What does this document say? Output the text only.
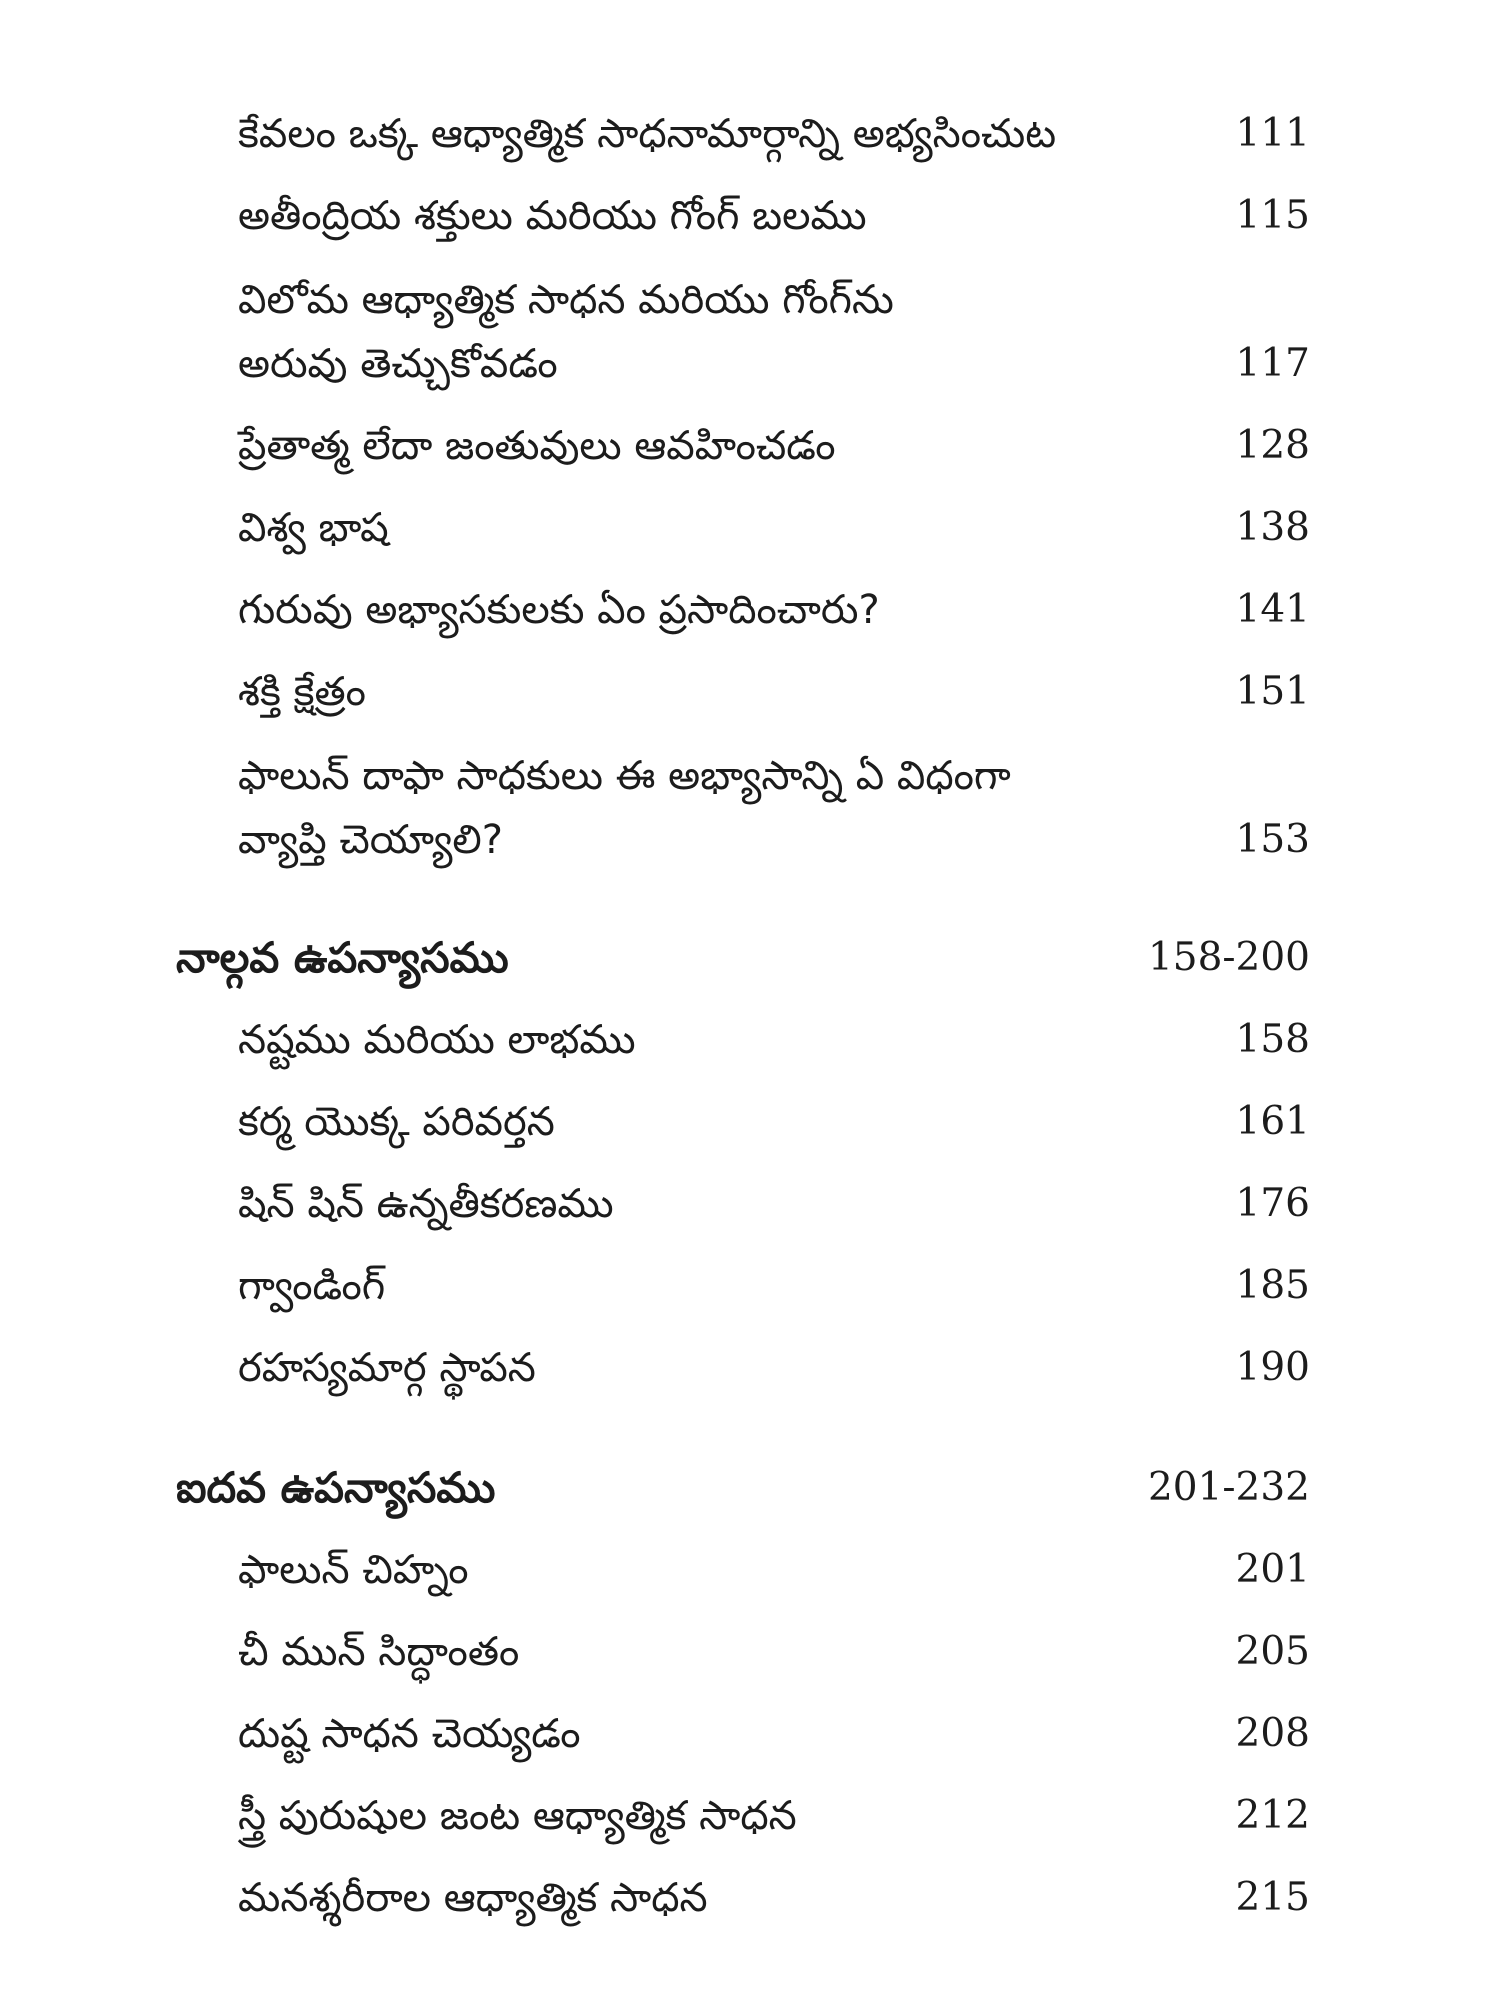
కేవలం ఒక్క ఆధ్యాత్మిక సాధనామార్గాన్ని అభ్యసించుట	111
అతీంద్రియ శక్తులు మరియు గోంగ్ బలము	115
విలోమ ఆధ్యాత్మిక సాధన మరియు గోంగ్‌ను
అరువు తెచ్చుకోవడం	117
ప్రేతాత్మ లేదా జంతువులు ఆవహించడం	128
విశ్వ భాష	138
గురువు అభ్యాసకులకు ఏం ప్రసాదించారు?	141
శక్తి క్షేత్రం	151
ఫాలున్ దాఫా సాధకులు ఈ అభ్యాసాన్ని ఏ విధంగా
వ్యాప్తి చెయ్యాలి?	153
నాల్గవ ఉపన్యాసము	158-200
నష్టము మరియు లాభము	158
కర్మ యొక్క పరివర్తన	161
షిన్ షిన్ ఉన్నతీకరణము	176
గ్వాండింగ్	185
రహస్యమార్గ స్థాపన	190
ఐదవ ఉపన్యాసము	201-232
ఫాలున్ చిహ్నం	201
చీ మున్ సిద్ధాంతం	205
దుష్ట సాధన చెయ్యడం	208
స్త్రీ పురుషుల జంట ఆధ్యాత్మిక సాధన	212
మనశ్శరీరాల ఆధ్యాత్మిక సాధన	215
